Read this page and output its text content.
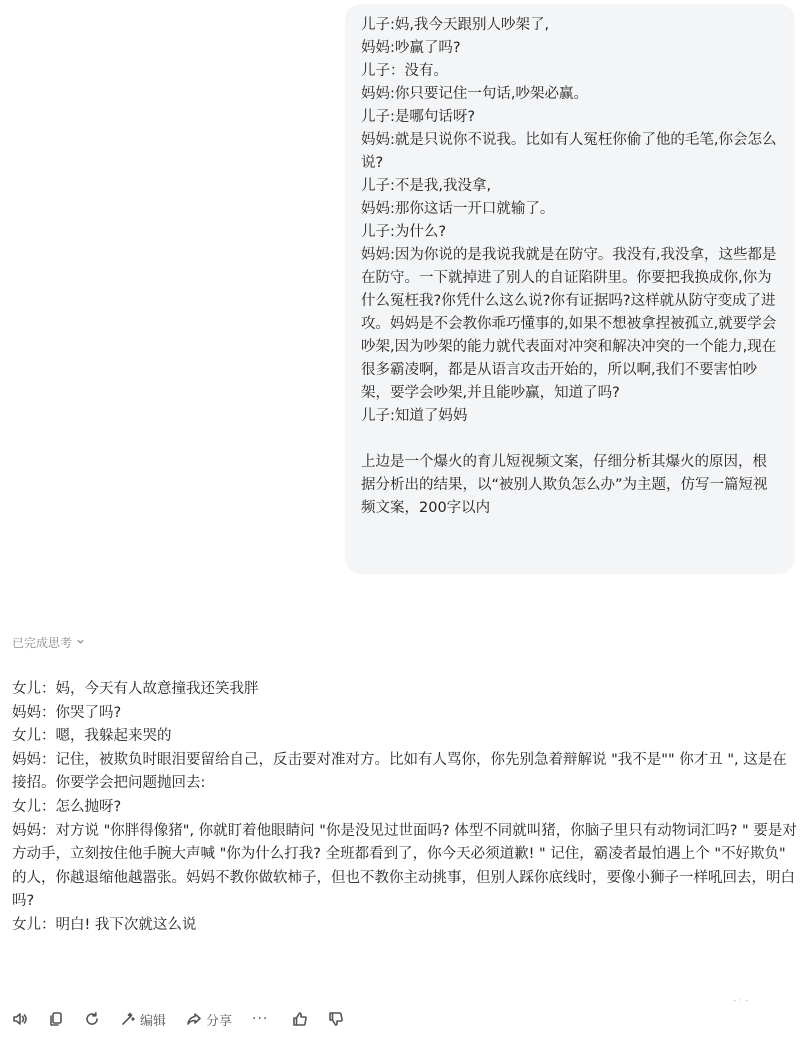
儿子:妈,我今天跟别人吵架了,
妈妈:吵赢了吗?
儿子：没有。
妈妈:你只要记住一句话,吵架必赢。
儿子:是哪句话呀?
妈妈:就是只说你不说我。比如有人冤枉你偷了他的毛笔,你会怎么说?
儿子:不是我,我没拿,
妈妈:那你这话一开口就输了。
儿子:为什么?
妈妈:因为你说的是我说我就是在防守。我没有,我没拿，这些都是在防守。一下就掉进了别人的自证陷阱里。你要把我换成你,你为什么冤枉我?你凭什么这么说?你有证据吗?这样就从防守变成了进攻。妈妈是不会教你乖巧懂事的,如果不想被拿捏被孤立,就要学会吵架,因为吵架的能力就代表面对冲突和解决冲突的一个能力,现在很多霸凌啊，都是从语言攻击开始的，所以啊,我们不要害怕吵架，要学会吵架,并且能吵赢，知道了吗?
儿子:知道了妈妈
上边是一个爆火的育儿短视频文案，仔细分析其爆火的原因，根据分析出的结果，以“被别人欺负怎么办”为主题，仿写一篇短视频文案，200字以内
已完成思考
女儿：妈，今天有人故意撞我还笑我胖
妈妈：你哭了吗?
女儿：嗯，我躲起来哭的
妈妈：记住，被欺负时眼泪要留给自己，反击要对准对方。比如有人骂你，你先别急着辩解说 "我不是"" 你才丑 ", 这是在接招。你要学会把问题抛回去:
女儿：怎么抛呀?
妈妈：对方说 "你胖得像猪", 你就盯着他眼睛问 "你是没见过世面吗? 体型不同就叫猪，你脑子里只有动物词汇吗? " 要是对方动手，立刻按住他手腕大声喊 "你为什么打我? 全班都看到了，你今天必须道歉! " 记住，霸凌者最怕遇上个 "不好欺负" 的人，你越退缩他越嚣张。妈妈不教你做软柿子，但也不教你主动挑事，但别人踩你底线时，要像小狮子一样吼回去，明白吗?
女儿：明白! 我下次就这么说
- · -
编辑	分享 ···
